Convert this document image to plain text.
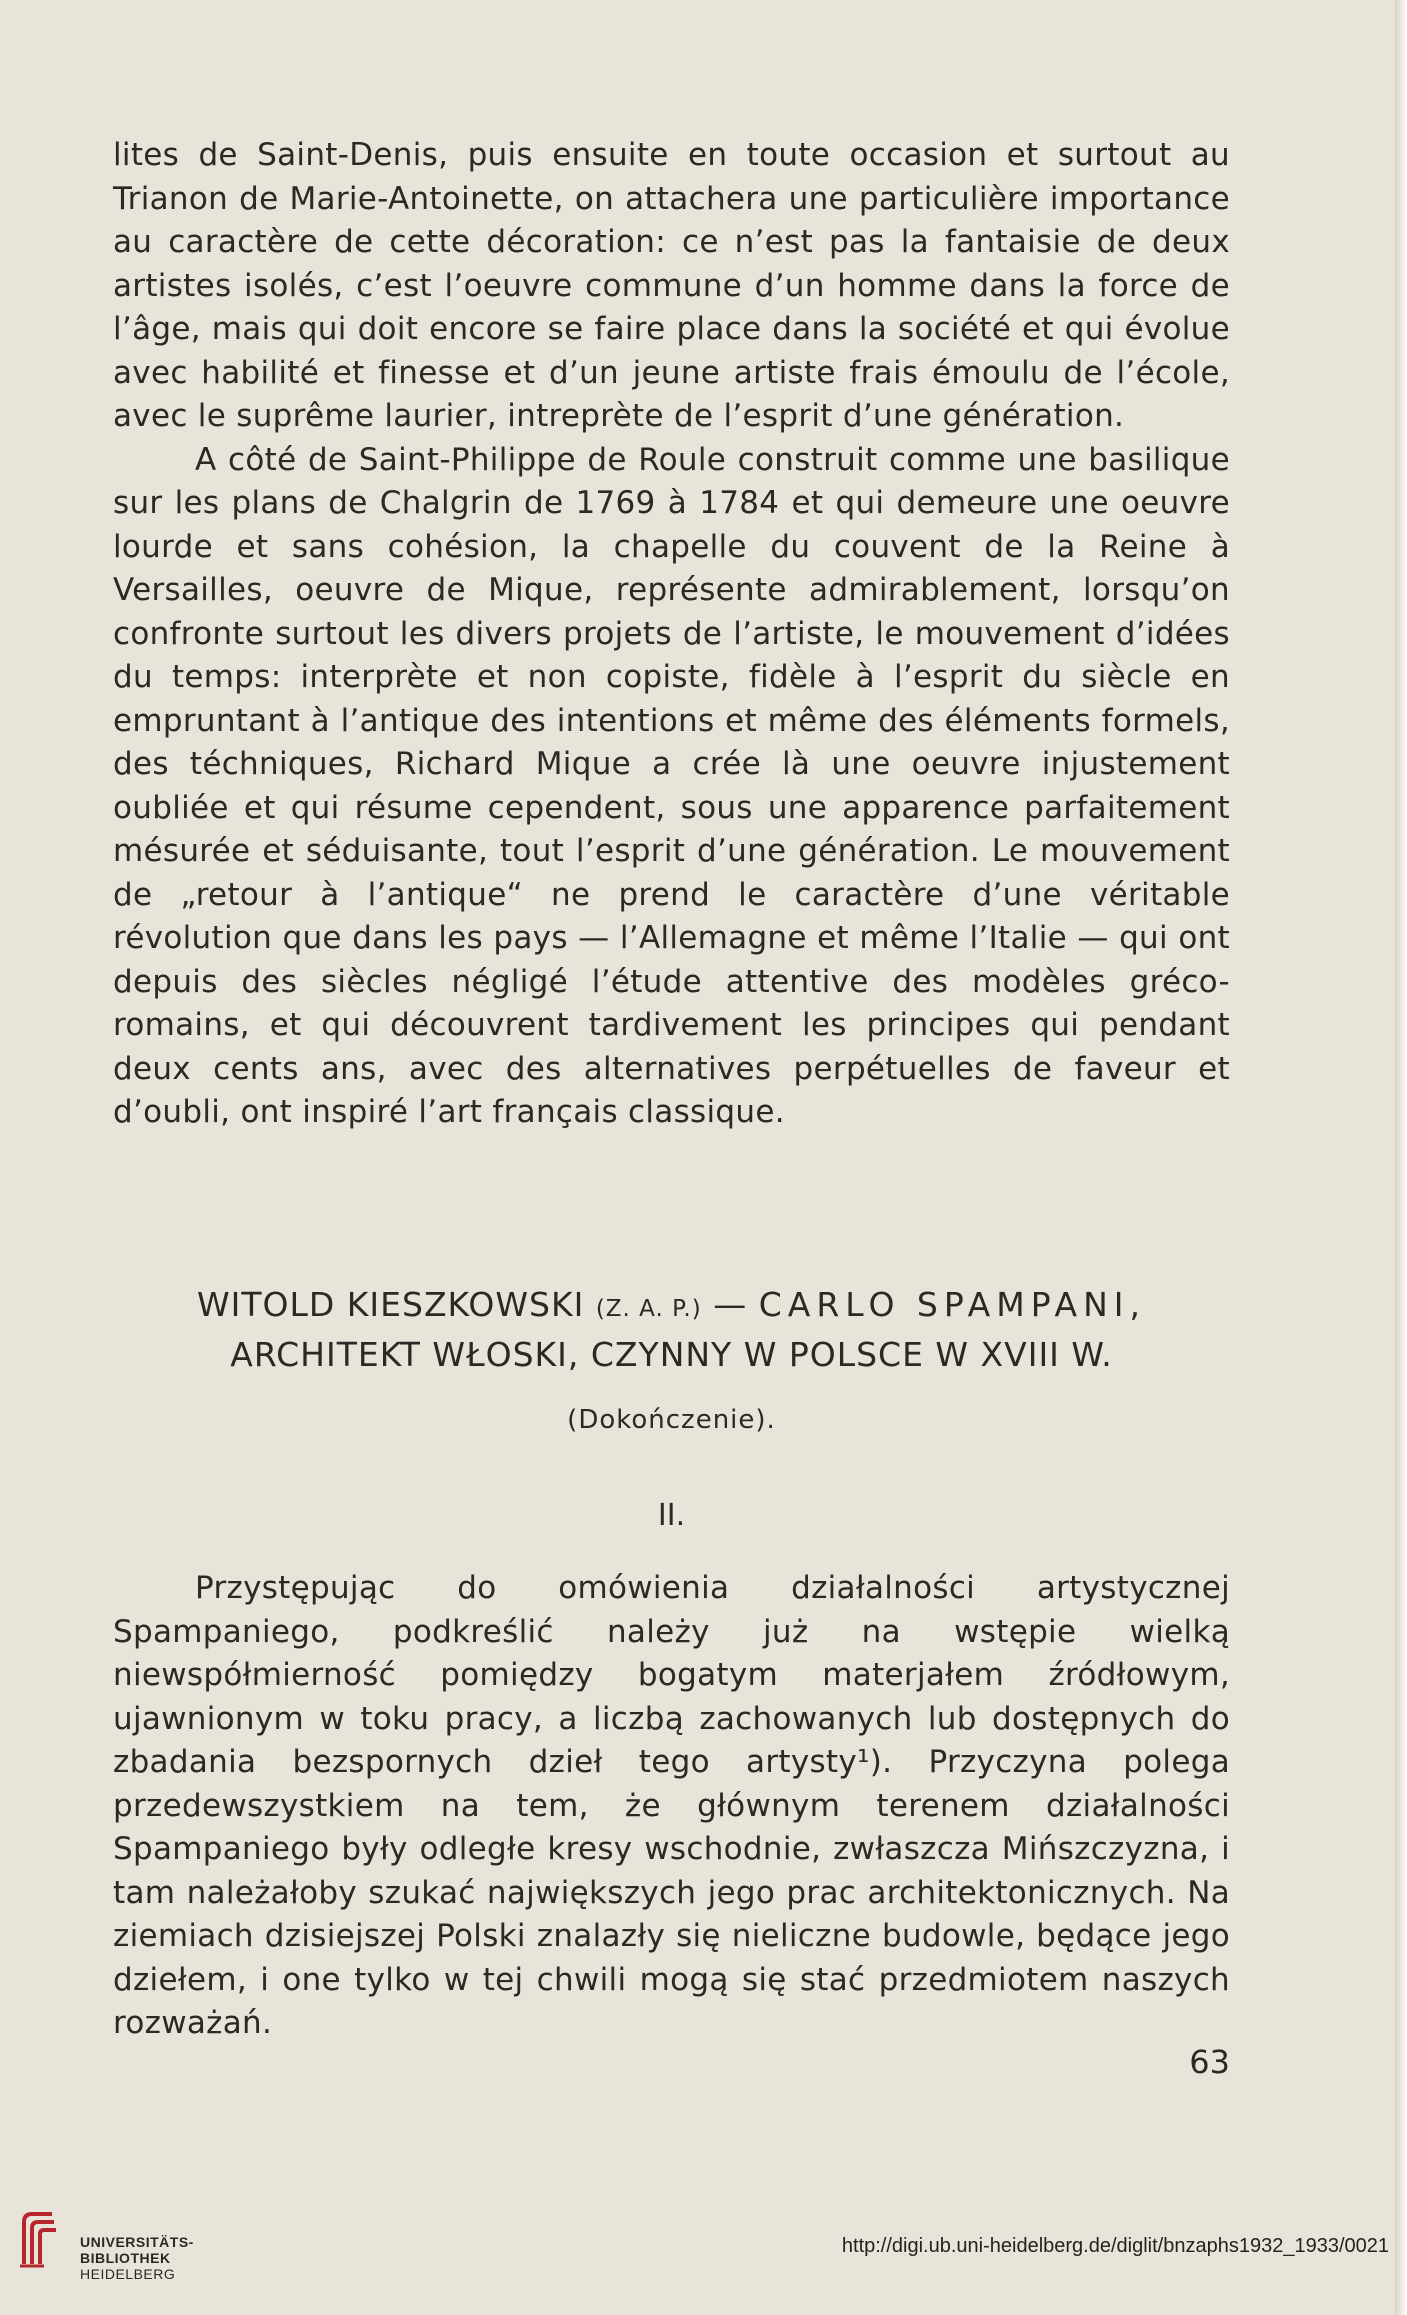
lites de Saint-Denis, puis ensuite en toute occasion et surtout au Trianon de Marie-Antoinette, on attachera une particulière importance au caractère de cette décoration: ce n’est pas la fantaisie de deux artistes isolés, c’est l’oeuvre commune d’un homme dans la force de l’âge, mais qui doit encore se faire place dans la société et qui évolue avec habilité et finesse et d’un jeune artiste frais émoulu de l’école, avec le suprême laurier, intreprète de l’esprit d’une génération.

A côté de Saint-Philippe de Roule construit comme une basilique sur les plans de Chalgrin de 1769 à 1784 et qui demeure une oeuvre lourde et sans cohésion, la chapelle du couvent de la Reine à Versailles, oeuvre de Mique, représente admirablement, lorsqu’on confronte surtout les divers projets de l’artiste, le mouvement d’idées du temps: interprète et non copiste, fidèle à l’esprit du siècle en empruntant à l’antique des intentions et même des éléments formels, des téchniques, Richard Mique a crée là une oeuvre injustement oubliée et qui résume cependent, sous une apparence parfaitement mésurée et séduisante, tout l’esprit d’une génération. Le mouvement de „retour à l’antique“ ne prend le caractère d’une véritable révolution que dans les pays — l’Allemagne et même l’Italie — qui ont depuis des siècles négligé l’étude attentive des modèles gréco-romains, et qui découvrent tardivement les principes qui pendant deux cents ans, avec des alternatives perpétuelles de faveur et d’oubli, ont inspiré l’art français classique.

WITOLD KIESZKOWSKI (Z. A. P.) — CARLO SPAMPANI,
ARCHITEKT WŁOSKI, CZYNNY W POLSCE W XVIII W.
(Dokończenie).
II.

Przystępując do omówienia działalności artystycznej Spampaniego, podkreślić należy już na wstępie wielką niewspółmierność pomiędzy bogatym materjałem źródłowym, ujawnionym w toku pracy, a liczbą zachowanych lub dostępnych do zbadania bezspornych dzieł tego artysty¹). Przyczyna polega przedewszystkiem na tem, że głównym terenem działalności Spampaniego były odległe kresy wschodnie, zwłaszcza Mińszczyzna, i tam należałoby szukać największych jego prac architektonicznych. Na ziemiach dzisiejszej Polski znalazły się nieliczne budowle, będące jego dziełem, i one tylko w tej chwili mogą się stać przedmiotem naszych rozważań.

63
UNIVERSITÄTS-
BIBLIOTHEK
HEIDELBERG
http://digi.ub.uni-heidelberg.de/diglit/bnzaphs1932_1933/0021
